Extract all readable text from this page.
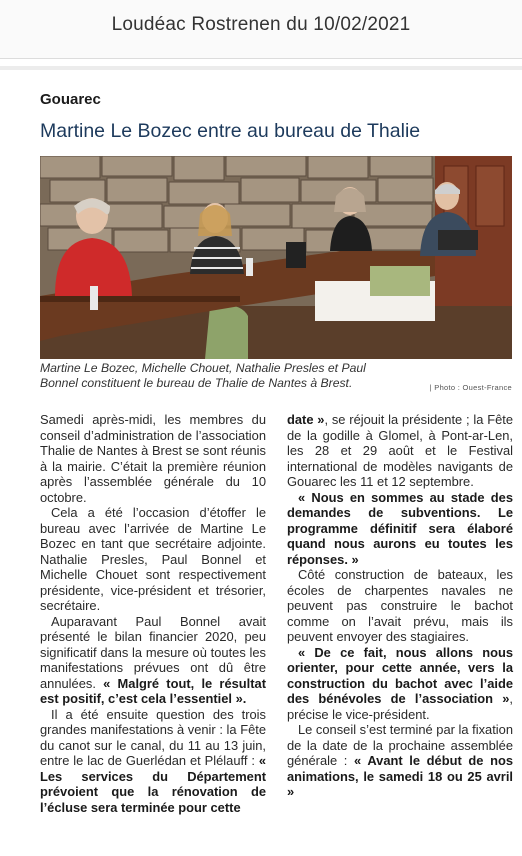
Loudéac Rostrenen du 10/02/2021
Gouarec
Martine Le Bozec entre au bureau de Thalie
Martine Le Bozec, Michelle Chouet, Nathalie Presles et Paul Bonnel constituent le bureau de Thalie de Nantes à Brest.	| Photo : Ouest-France

Samedi après-midi, les membres du conseil d’administration de l’association Thalie de Nantes à Brest se sont réunis à la mairie. C’était la première réunion après l’assemblée générale du 10 octobre.

Cela a été l’occasion d’étoffer le bureau avec l’arrivée de Martine Le Bozec en tant que secrétaire adjointe. Nathalie Presles, Paul Bonnel et Michelle Chouet sont respectivement présidente, vice-président et trésorier, secrétaire.

Auparavant Paul Bonnel avait présenté le bilan financier 2020, peu significatif dans la mesure où toutes les manifestations prévues ont dû être annulées. « Malgré tout, le résultat est positif, c’est cela l’essentiel ».

Il a été ensuite question des trois grandes manifestations à venir : la Fête du canot sur le canal, du 11 au 13 juin, entre le lac de Guerlédan et Plélauff : « Les services du Département prévoient que la rénovation de l’écluse sera terminée pour cette

date », se réjouit la présidente ; la Fête de la godille à Glomel, à Pont-ar-Len, les 28 et 29 août et le Festival international de modèles navigants de Gouarec les 11 et 12 septembre.

« Nous en sommes au stade des demandes de subventions. Le programme définitif sera élaboré quand nous aurons eu toutes les réponses. »

Côté construction de bateaux, les écoles de charpentes navales ne peuvent pas construire le bachot comme on l’avait prévu, mais ils peuvent envoyer des stagiaires.

« De ce fait, nous allons nous orienter, pour cette année, vers la construction du bachot avec l’aide des bénévoles de l’association », précise le vice-président.

Le conseil s’est terminé par la fixation de la date de la prochaine assemblée générale : « Avant le début de nos animations, le samedi 18 ou 25 avril »
